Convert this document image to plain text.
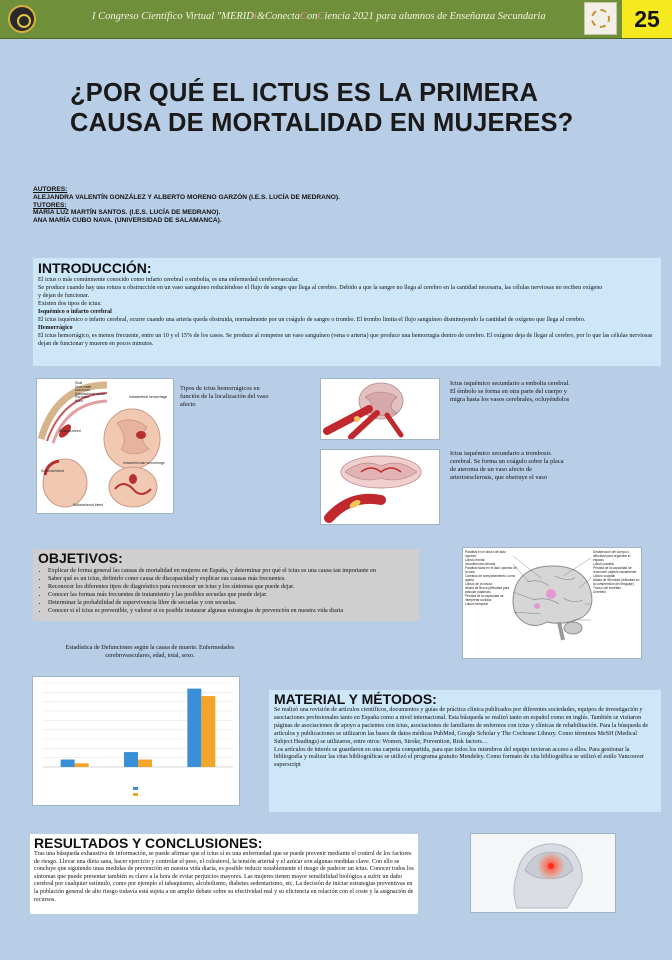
I Congreso Científico Virtual "MERIDi&ConectaConCiencia 2021 para alumnos de Enseñanza Secundaria	25
¿POR QUÉ EL ICTUS ES LA PRIMERA CAUSA DE MORTALIDAD EN MUJERES?
AUTORES:
ALEJANDRA VALENTÍN GONZÁLEZ Y ALBERTO MORENO GARZÓN (I.E.S. LUCÍA DE MEDRANO).
TUTORES:
MARÍA LUZ MARTÍN SANTOS. (I.E.S. LUCÍA DE MEDRANO).
ANA MARÍA CUBO NAVA. (UNIVERSIDAD DE SALAMANCA).
INTRODUCCIÓN:
El ictus o más comúnmente conocido como infarto cerebral o embolia, es una enfermedad cerebrovascular.
Se produce cuando hay una rotura u obstrucción en un vaso sanguíneo reduciéndose el flujo de sangre que llega al cerebro. Debido a que la sangre no llega al cerebro en la cantidad necesaria, las células nerviosas no reciben oxígeno
y dejan de funcionar.
Existen dos tipos de ictus:
Isquémico o infarto cerebral
El ictus isquémico o infarto cerebral, ocurre cuando una arteria queda obstruida, normalmente por un coágulo de sangre o trombo. El trombo limita el flujo sanguíneo disminuyendo la cantidad de oxígeno que llega al cerebro.
Hemorrágico
El ictus hemorrágico, es menos frecuente, entre un 10 y el 15% de los casos. Se produce al romperse un vaso sanguíneo (vena o arteria) que produce una hemorragia dentro de cerebro. El oxígeno deja de llegar al cerebro, por lo que las células nerviosas dejan de funcionar y mueren en pocos minutos.
Skull
Dura mater
Arachnoid
Subarachnoid space
Pia mater
Brain
Intracerebral hemorrhage
Epidural bleed
Subdural bleed
Intraventricular hemorrhage
Subarachnoid bleed
Tipos de ictus hemorrágicos en función de la localización del vaso afecto
Ictus isquémico secundario a embolia cerebral. El émbolo se forma en otra parte del cuerpo y migra hasta los vasos cerebrales, ocluyéndolos
Ictus isquémico secundario a trombosis cerebral. Se forma un coágulo sobre la placa de ateroma de un vaso afecto de arterioesclerosis, que obstruye el vaso
OBJETIVOS:
• Explicar de forma general las causas de mortalidad en mujeres en España, y determinar por qué el ictus es una causa tan importante en
• Saber qué es un ictus, definirlo como causa de discapacidad y explicar sus causas más frecuentes.
• Reconocer los diferentes tipos de diagnóstico para reconocer un ictus y los síntomas que puede dejar.
• Conocer las formas más frecuentes de tratamiento y las posibles secuelas que puede dejar.
• Determinar la probabilidad de supervivencia libre de secuelas y con secuelas.
• Conocer si el ictus es prevenible, y valorar si es posible instaurar algunas estrategias de prevención en nuestra vida diaria
Parálisis en el brazo del lado opuesto
Lóbulo frontal
Incontinencia urinaria
Parálisis facial en el lado opuesto de la cara
Cambios de comportamiento, como apatía
Lóbulo de la ínsula
Afasia de Broca (dificultad para articular palabras)
Pérdida de la capacidad de interpretar sonidos
Lóbulo temporal
Desatención del cuerpo o dificultad para organizar el espacio
Lóbulo parietal
Pérdida de la capacidad de reconocer objetos visualmente
Lóbulo occipital
Afasia de Wernicke (dificultad en la comprensión del lenguaje)
Tronco del encéfalo
Cerebelo
Estadística de Defunciones según la causa de muerte. Enfermedades cerebrovasculares, edad, total, sexo.
MATERIAL Y MÉTODOS:
Se realizó una revisión de artículos científicos, documentos y guías de práctica clínica publicados por diferentes sociedades, equipos de investigación y asociaciones profesionales tanto en España como a nivel internacional. Esta búsqueda se realizó tanto en español como en inglés. También se visitaron páginas de asociaciones de apoyo a pacientes con ictus, asociaciones de familiares de enfermos con ictus y clínicas de rehabilitación. Para la búsqueda de artículos y publicaciones se utilizaron las bases de datos médicas PubMed, Google Scholar y The Cochrane Library. Como términos MeSH (Medical Subject Headings) se utilizaron, entre otros: Women, Stroke, Prevention, Risk factors…
Los artículos de interés se guardaron en una carpeta compartida, para que todos los miembros del equipo tuvieran acceso a ellos. Para gestionar la bibliografía y realizar las citas bibliográficas se utilizó el programa gratuito Mendeley. Como formato de cita bibliográfica se utilizó el estilo Vancouver superscript
RESULTADOS Y CONCLUSIONES:
Tras una búsqueda exhaustiva de información, se puede afirmar que el ictus sí es una enfermedad que se puede prevenir mediante el control de los factores de riesgo. Llevar una dieta sana, hacer ejercicio y controlar el peso, el colesterol, la tensión arterial y el azúcar son algunas medidas clave. Con ello se concluye que siguiendo unas medidas de prevención en nuestra vida diaria, es posible reducir notablemente el riesgo de padecer un ictus. Conocer todos los síntomas que puede presentar también es clave a la hora de evitar perjuicios mayores. Las mujeres tienen mayor sensibilidad biológica a sufrir un daño cerebral por cualquier estímulo, como por ejemplo el tabaquismo, alcoholismo, diabetes sedentarismo, etc. La decisión de iniciar estrategias preventivas en la población general de alto riesgo todavía está sujeta a un amplio debate sobre su efectividad real y su eficiencia en relación con el coste y la asignación de recursos.
